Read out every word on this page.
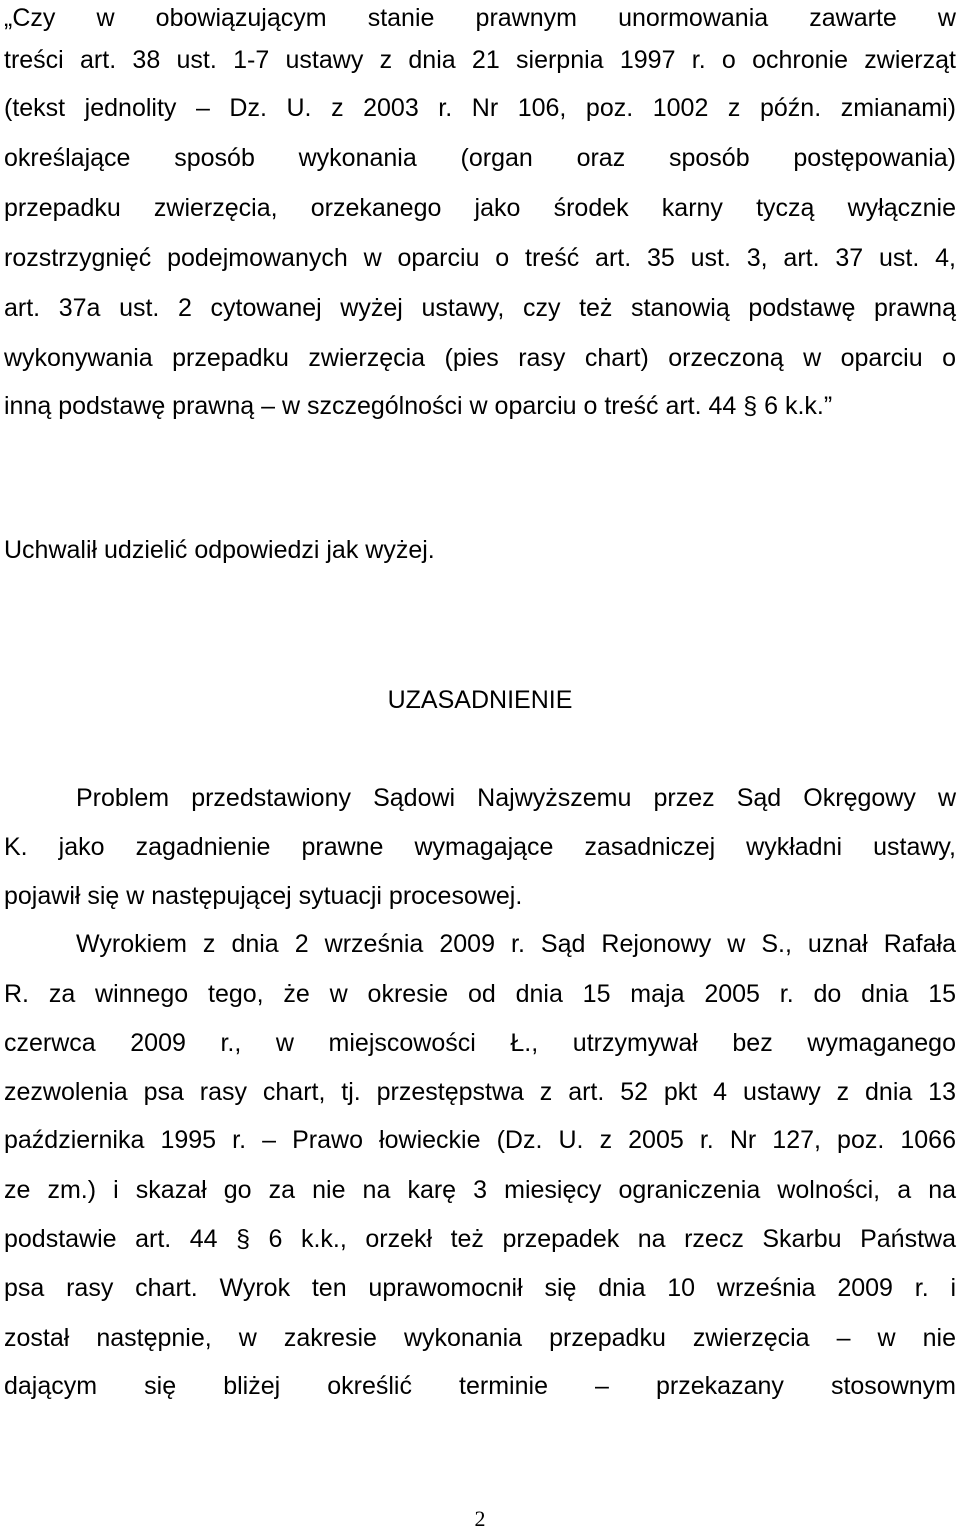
„Czy w obowiązującym stanie prawnym unormowania zawarte w
treści art. 38 ust. 1-7 ustawy z dnia 21 sierpnia 1997 r. o ochronie zwierząt
(tekst jednolity – Dz. U. z 2003 r. Nr 106, poz. 1002 z późn. zmianami)
określające sposób wykonania (organ oraz sposób postępowania)
przepadku zwierzęcia, orzekanego jako środek karny tyczą wyłącznie
rozstrzygnięć podejmowanych w oparciu o treść art. 35 ust. 3, art. 37 ust. 4,
art. 37a ust. 2 cytowanej wyżej ustawy, czy też stanowią podstawę prawną
wykonywania przepadku zwierzęcia (pies rasy chart) orzeczoną w oparciu o
inną podstawę prawną – w szczególności w oparciu o treść art. 44 § 6 k.k.”
Uchwalił udzielić odpowiedzi jak wyżej.
UZASADNIENIE
Problem przedstawiony Sądowi Najwyższemu przez Sąd Okręgowy w
K. jako zagadnienie prawne wymagające zasadniczej wykładni ustawy,
pojawił się w następującej sytuacji procesowej.
Wyrokiem z dnia 2 września 2009 r. Sąd Rejonowy w S., uznał Rafała
R. za winnego tego, że w okresie od dnia 15 maja 2005 r. do dnia 15
czerwca 2009 r., w miejscowości Ł., utrzymywał bez wymaganego
zezwolenia psa rasy chart, tj. przestępstwa z art. 52 pkt 4 ustawy z dnia 13
października 1995 r. – Prawo łowieckie (Dz. U. z 2005 r. Nr 127, poz. 1066
ze zm.) i skazał go za nie na karę 3 miesięcy ograniczenia wolności, a na
podstawie art. 44 § 6 k.k., orzekł też przepadek na rzecz Skarbu Państwa
psa rasy chart. Wyrok ten uprawomocnił się dnia 10 września 2009 r. i
został następnie, w zakresie wykonania przepadku zwierzęcia – w nie
dającym się bliżej określić terminie – przekazany stosownym
2
